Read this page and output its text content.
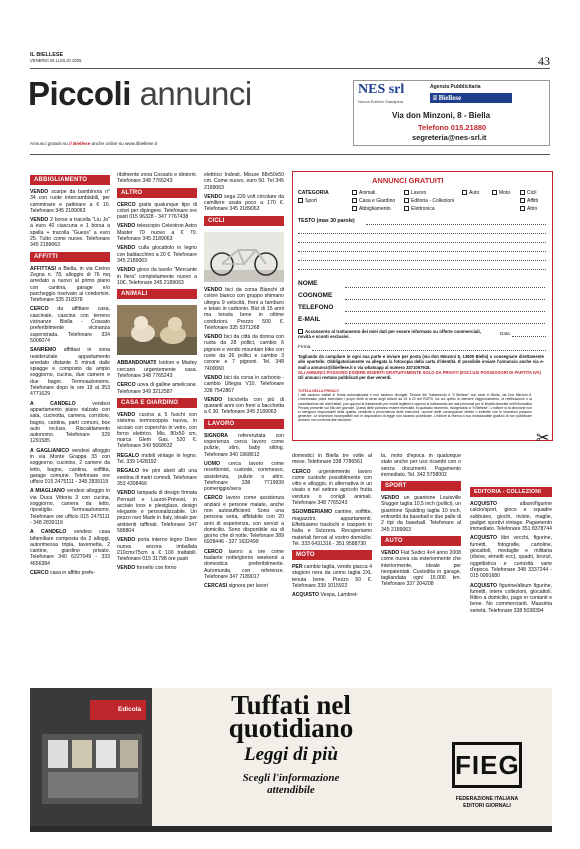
IL BIELLESE
VENERDÌ 25 LUGLIO 2025	43
Piccoli annunci
Annunci gratuiti su il Biellese anche online su www.ilbiellese.it
NES srl
Nuova Editrice Subalpina
Agenzia Pubblicitaria
il Biellese
Via don Minzoni, 8 - Biella
Telefono 015.21880
segreteria@nes-srl.it
ABBIGLIAMENTO

VENDO scarpe da bambino/a n° 34 con ruote intercambiabili, per camminare e pattinare a € 10. Telefonare 345 2189063

VENDO 2 borse a tracolla “Liu Jo” a euro 40 ciascuna e 1 borsa a spalla + tracolla “Guess” a euro 25. Tutto come nuove. Telefonare 345 2189063

AFFITTI

AFFITTASI a Biella, in via Cerino Zegna n. 78, alloggio di 76 mq arredato a nuovo al primo piano con cantina, garage e/o parcheggio riservato ai condomini. Telefonare 335 218378

CERCO da affittare casa, cascinale, cascina con terreno vicinanze Biella - Cossato preferibilmente vicinanza superstrada. Telefonare 334 5006074

SANREMO affittasi in zona residenziale appartamento arredato distante 5 minuti dalle spiagge e composto da ampio soggiorno, cucina, due camere e due bagni. Termoautonomo. Telefonare dopo le ore 19 al 353 4771629

A CANDELO vendesi appartamento piano rialzato con sala, cucinotta, camera, corridoio, bagno, cantina, parti comuni, box auto incluso. Riscaldamento autonomo. Telefonare 329 1291585

A GAGLIANICO vendesi alloggio in via Monte Grappa 33 con soggiorno, cucinino, 2 camere da letto, bagno, cantina, soffitta, garage comune. Telefonare ore ufficio 015 2475111 - 348 2839119

A MIAGLIANO vendesi alloggio in via Duca Vittoria 3 con cucina, soggiorno, camera da letto, ripostiglio. Termoautonomo. Telefonare ore ufficio 015 2475111 - 348 2839119

A CANDELO vendesi casa bifamiliare composta da 2 alloggi, autorimessa tripla, tavernetta, 2 cantine, giardino privato. Telefonare 340 6227049 - 333 4656384

CERCO casa in affitto prefe-

ribilmente zona Cossato e dintorni. Telefonare 348 7765243

ALTRO

CERCO gratis qualunque tipo di colori per dipingere. Telefonare ore pasti 015 96328 - 347 7767438

VENDO telescopio Celestron Astro Master 70 nuovo a € 70. Telefonare 345 2189063

VENDO culla giocattolo in legno con baldacchino a 20 €. Telefonare 345 2189063

VENDO gioco da tavolo “Mercante in fiera” completamente nuovo a 10€. Telefonare 345 2189063

ANIMALI

ABBANDONATI! Isidoro e Marley cercano urgentemente casa. Telefonare 348 7765243

CERCO uova di galline amelicane. Telefonare 349 3212587

CASA E GIARDINO

VENDO cucina a 5 fuochi con sistema termocoppia nuova, in acciaio con coperchio in vetro, con forno elettrico. Mis. 80x50 cm, marca Glem Gas. 520 €. Telefonare 349 5668632

REGALO mobili vintage in legno. Tel. 339 1428192

REGALO tre pini abeti alti una ventina di metri comodi. Telefonare 353 4308466

VENDO lampada di design firmata Perrault e Laurot-Prévost, in acciaio inox e plexiglass, design elegante e personalizzabile. Un pezzo raro Made in Italy, ideale per ambienti raffinati. Telefonare 347 588804

VENDO porta interno legno Diere nuova ancora imballata 210cmx75cm a € 100 trattabili. Telefonare 015 31798 ore pasti

VENDO fornello con forno

elettrico Indesit. Misure 88x50x50 cm. Come nuovo, euro 50. Tel 345 2189063

VENDO sega 220 volt circolare da camiliere usata poco a 170 €. Telefonare 345 2189063

CICLI

VENDO bici da corsa Bianchi di colore bianco con gruppo shimano ultegra 9 velocità, freni a tamburo e telaio in carbonio. Bici di 15 anni ma tenuta bene in ottime condizioni. Prezzo 500 €. Telefonare 335 5371268

VENDO bici da città da donna con ruota da 28 pollici, cambio 6 pignoni e vendo mountain bike con ruote da 26 pollici e cambio 3 corone e 7 pignoni. Tel. 348 7400060

VENDO bici da corsa in carbonio - cambio Ultegra V10. Telefonare 338 7542867

VENDO bicicletta con più di quaranti anni con freni a bacchetta a € 30. Telefonare 345 2189063

LAVORO

SIGNORA referenziata con esperienza cerca lavoro come pulizie, stiro, baby sitting. Telefonare 340 1968612

UOMO cerca lavoro come recettionist, custode, commesso, assistenza, pulizie o altro. Telefonare 338 7719939 pomeriggio/sera

CERCO lavoro come assistenza anziani e persone malate, anche non autosufficienti. Sono una persona seria, affidabile con 20 anni di esperienza, con servizi a domicilio. Sono disponibile sia di giorno che di notte. Telefonare 389 6928446 - 327 1632499

CERCO lavoro a ore come badante notte/giorno weekend a domestica preferibilmente. Automunita, con referenze. Telefonare 347 7189017

CERCASI signora per lavori

ANNUNCI GRATUITI
CATEGORIA
Sport
Animali
Casa e Giardino
Abbigliamento
Lavoro
Editoria - Collezioni
Elettronica
Auto	Moto	Cicli
Affitti
Altro
TESTO (max 30 parole)
NOME
COGNOME
TELEFONO
E-MAIL
Acconsento al trattamento dei miei dati per essere informato su offerte commerciali, novità e sconti esclusivi.
Data
Firma
Tagliando da compilare in ogni sua parte e inviare per posta (via don Minzoni 8, 13900 Biella) o consegnare direttamente allo sportello. Obbligatoriamente va allegata la fotocopia della carta d'identità. È possibile inviare l'annuncio anche via e-mail a annunci@ilbiellese.it o via whatsapp al numero 3371057918.
GLI ANNUNCI POSSONO ESSERE INSERITI GRATUITAMENTE SOLO DA PRIVATI (ESCLUSI POSSESSORI DI PARTITA IVA)
Gli annunci restano pubblicati per due venerdì.
TUTELA DELLA PRIVACY
I dati saranno trattati in forma automatizzata e non saranno divulgati. Titolare del Trattamento è “Il Biellese” con sede in Biella, via Don Minzoni 8. L'interessato potrà esercitare i propri diritti ai sensi degli articoli da 15 a 22 del RGPD, tra cui quello di ottenere l'aggiornamento, la rettificazione o la cancellazione dei dati trattati; può opporsi al trattamento per motivi legittimi e opporsi al trattamento dei dati personali per le finalità descritte nell'Informativa Privacy presente sul Sito del giornale. Questi diritti potranno essere esercitati, in qualsiasi momento, rivolgendosi a “Il Biellese”. L'editore si fa direzione non si ritengono responsabili della qualità, veridicità e provenienza delle inserzioni, nonché delle conseguenze dirette o indirette che le inserzioni possono generare. Le inserzioni incompatibili con le disposizioni di legge non saranno pubblicate. L'editore si riserva a suo insindacabile giudizio di non pubblicare annunci non conformi alle istruzioni.
✂

domestici in Biella tre volte al mese. Telefonare 338 7786561

CERCO urgentemente lavoro come custode possibilmente con vitto e alloggio, in alternativa in un vivaio o nel settore agricolo frutta verdura o conigli animali. Telefonare 348 7765243

SGOMBERIAMO cantine, soffitte, magazzini, appartamenti. Effettuiamo traslochi e trasporti in Italia e Svizzera. Recuperiamo materiali ferrosi al vostro domicilio. Tel. 333 6431316 - 351 9588730

MOTO

PER cambio taglia, vendo giacca 4 stagioni nera da uomo taglia 2XL tenuta bene. Prezzo 50 €. Telefonare 339 1015922

ACQUISTO Vespa, Lambret-

ta, moto d'epoca in qualunque stato anche per uso ricambi con o senza documenti. Pagamento immediato. Tel. 342 5758002

SPORT

VENDO un guantone Louisville Slugger taglia 10,5 inch (pollici), un guantone Spalding taglia 10 inch, entrambi da baseball e due palle di 2 tipi da baseball. Telefonare al 345 2189063

AUTO

VENDO Fiat Sedici 4x4 anno 2008 come nuova sia esteriormente che interiormente, ideale per neopatentati. Custodita in garage, tagliandata ogni 15.000 km. Telefonare 337 204208

EDITORIA - COLLEZIONI

ACQUISTO album/figurine calcio/sport, gioco e squadre subbuteo, giochi, riviste, maglie, gadget sportivi vintage. Pagamento immediato. Telefonare 351 8378744

ACQUISTO libri vecchi, figurine, fumetti, fotografie, cartoline, giocattoli, medaglie e militaria (divise, elmetti ecc), quadri, bronzi, oggettistica e curiosità varie d'epoca. Telefonare 348 3337244 - 015 0991680

ACQUISTO figurine/album figurine, fumetti, intere collezioni, giocattoli. Ritiro a domicilio, pago in contanti e bene. No commercianti. Massima serietà. Telefonare 338 5038394

Edicola	Tuffati nel
quotidiano
Leggi di più
Scegli l'informazione
attendibile
FIEG
FEDERAZIONE ITALIANA
EDITORI GIORNALI
